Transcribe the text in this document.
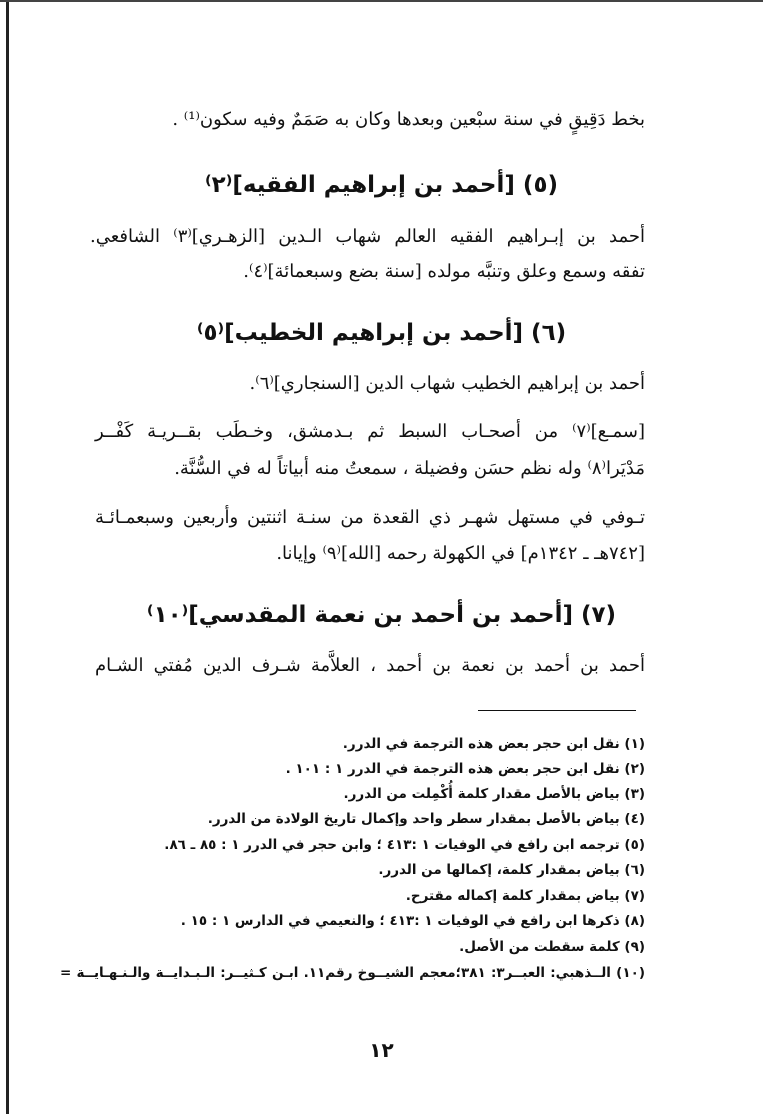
بخط دَقِيقٍ في سنة سبْعين وبعدها وكان به صَمَمٌ وفيه سكون⁽¹⁾ .
(٥) [أحمد بن إبراهيم الفقيه]⁽٢⁾
أحمد بن إبـراهيم الفقيه العالم شهاب الـدين [الزهـري]⁽٣⁾ الشافعي.
تفقه وسمع وعلق وتنبَّه مولده [سنة بضع وسبعمائة]⁽٤⁾.
(٦) [أحمد بن إبراهيم الخطيب]⁽٥⁾
أحمد بن إبراهيم الخطيب شهاب الدين [السنجاري]⁽٦⁾.
[سمـع]⁽٧⁾ من أصحـاب السبط ثم بـدمشق، وخـطَب بقــريـة كَفْــر
مَدْيَرا⁽٨⁾ وله نظم حسَن وفضيلة ، سمعتُ منه أبياتاً له في السُّنَّة.
تـوفي في مستهل شهـر ذي القعدة من سنـة اثنتين وأربعين وسبعمـائـة
[٧٤٢هـ ـ ١٣٤٢م] في الكهولة رحمه [الله]⁽٩⁾ وإيانا.
(٧) [أحمد بن أحمد بن نعمة المقدسي]⁽١٠⁾
أحمد بن أحمد بن نعمة بن أحمد ، العلاَّمة شـرف الدين مُفتي الشـام
(١) نقل ابن حجر بعض هذه الترجمة في الدرر.
(٢) نقل ابن حجر بعض هذه الترجمة في الدرر ١ : ١٠١ .
(٣) بياض بالأصل مقدار كلمة أُكْمِلت من الدرر.
(٤) بياض بالأصل بمقدار سطر واحد وإكمال تاريخ الولادة من الدرر.
(٥) ترجمه ابن رافع في الوفيات ١ :٤١٣ ؛ وابن حجر في الدرر ١ : ٨٥ ـ ٨٦.
(٦) بياض بمقدار كلمة، إكمالها من الدرر.
(٧) بياض بمقدار كلمة إكماله مقترح.
(٨) ذكرها ابن رافع في الوفيات ١ :٤١٣ ؛ والنعيمي في الدارس ١ : ١٥ .
(٩) كلمة سقطت من الأصل.
(١٠) الــذهبي: العبــر٣: ٣٨١؛معجم الشيــوخ رقم١١. ابـن كـثيــر: الـبـدايــة والـنـهـايــة =
١٢
